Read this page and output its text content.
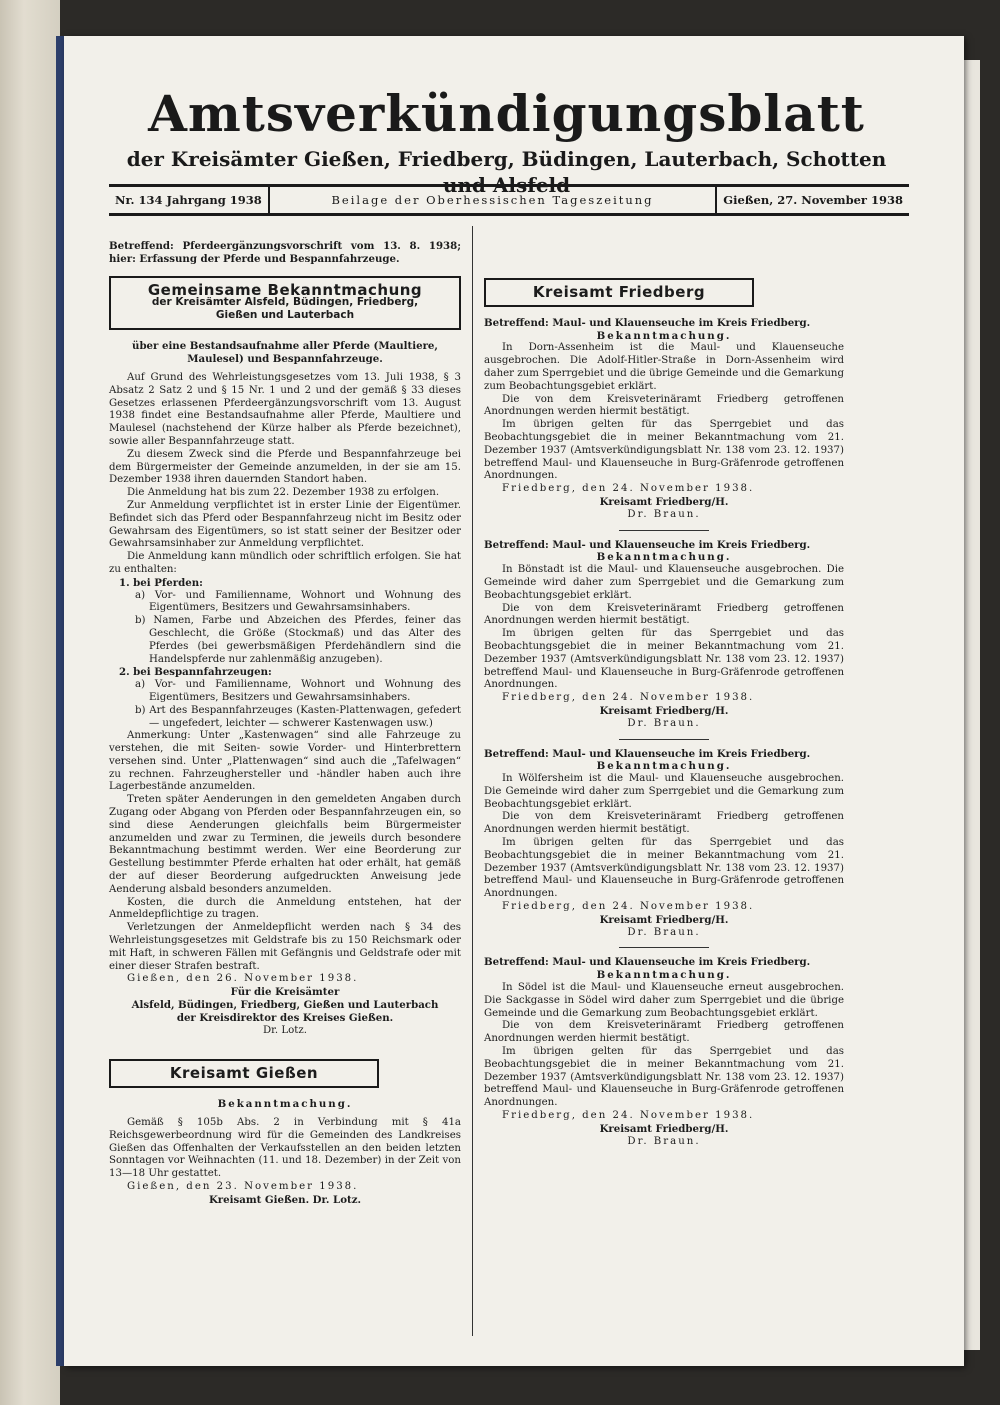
Amtsverkündigungsblatt
der Kreisämter Gießen, Friedberg, Büdingen, Lauterbach, Schotten und Alsfeld
Nr. 134 Jahrgang 1938	Beilage der Oberhessischen Tageszeitung	Gießen, 27. November 1938

Betreffend: Pferdeergänzungsvorschrift vom 13. 8. 1938; hier: Erfassung der Pferde und Bespannfahrzeuge.

Gemeinsame Bekanntmachung
der Kreisämter Alsfeld, Büdingen, Friedberg,
Gießen und Lauterbach

über eine Bestandsaufnahme aller Pferde (Maultiere, Maulesel) und Bespannfahrzeuge.

Auf Grund des Wehrleistungsgesetzes vom 13. Juli 1938, § 3 Absatz 2 Satz 2 und § 15 Nr. 1 und 2 und der gemäß § 33 dieses Gesetzes erlassenen Pferdeergänzungsvorschrift vom 13. August 1938 findet eine Bestandsaufnahme aller Pferde, Maultiere und Maulesel (nachstehend der Kürze halber als Pferde bezeichnet), sowie aller Bespannfahrzeuge statt.

Zu diesem Zweck sind die Pferde und Bespannfahrzeuge bei dem Bürgermeister der Gemeinde anzumelden, in der sie am 15. Dezember 1938 ihren dauernden Standort haben.

Die Anmeldung hat bis zum 22. Dezember 1938 zu erfolgen.

Zur Anmeldung verpflichtet ist in erster Linie der Eigentümer. Befindet sich das Pferd oder Bespannfahrzeug nicht im Besitz oder Gewahrsam des Eigentümers, so ist statt seiner der Besitzer oder Gewahrsamsinhaber zur Anmeldung verpflichtet.

Die Anmeldung kann mündlich oder schriftlich erfolgen. Sie hat zu enthalten:

1. bei Pferden:

a) Vor- und Familienname, Wohnort und Wohnung des Eigentümers, Besitzers und Gewahrsamsinhabers.

b) Namen, Farbe und Abzeichen des Pferdes, feiner das Geschlecht, die Größe (Stockmaß) und das Alter des Pferdes (bei gewerbsmäßigen Pferdehändlern sind die Handelspferde nur zahlenmäßig anzugeben).

2. bei Bespannfahrzeugen:

a) Vor- und Familienname, Wohnort und Wohnung des Eigentümers, Besitzers und Gewahrsamsinhabers.

b) Art des Bespannfahrzeuges (Kasten-Plattenwagen, gefedert — ungefedert, leichter — schwerer Kastenwagen usw.)

Anmerkung: Unter „Kastenwagen“ sind alle Fahrzeuge zu verstehen, die mit Seiten- sowie Vorder- und Hinterbrettern versehen sind. Unter „Plattenwagen“ sind auch die „Tafelwagen“ zu rechnen. Fahrzeughersteller und -händler haben auch ihre Lagerbestände anzumelden.

Treten später Aenderungen in den gemeldeten Angaben durch Zugang oder Abgang von Pferden oder Bespannfahrzeugen ein, so sind diese Aenderungen gleichfalls beim Bürgermeister anzumelden und zwar zu Terminen, die jeweils durch besondere Bekanntmachung bestimmt werden. Wer eine Beorderung zur Gestellung bestimmter Pferde erhalten hat oder erhält, hat gemäß der auf dieser Beorderung aufgedruckten Anweisung jede Aenderung alsbald besonders anzumelden.

Kosten, die durch die Anmeldung entstehen, hat der Anmeldepflichtige zu tragen.

Verletzungen der Anmeldepflicht werden nach § 34 des Wehrleistungsgesetzes mit Geldstrafe bis zu 150 Reichsmark oder mit Haft, in schweren Fällen mit Gefängnis und Geldstrafe oder mit einer dieser Strafen bestraft.

Gießen, den 26. November 1938.

Für die Kreisämter

Alsfeld, Büdingen, Friedberg, Gießen und Lauterbach

der Kreisdirektor des Kreises Gießen.

Dr. Lotz.

Kreisamt Gießen

Bekanntmachung.

Gemäß § 105b Abs. 2 in Verbindung mit § 41a Reichsgewerbeordnung wird für die Gemeinden des Landkreises Gießen das Offenhalten der Verkaufsstellen an den beiden letzten Sonntagen vor Weihnachten (11. und 18. Dezember) in der Zeit von 13—18 Uhr gestattet.

Gießen, den 23. November 1938.

Kreisamt Gießen. Dr. Lotz.

Kreisamt Friedberg

Betreffend: Maul- und Klauenseuche im Kreis Friedberg.

Bekanntmachung.

In Dorn-Assenheim ist die Maul- und Klauenseuche ausgebrochen. Die Adolf-Hitler-Straße in Dorn-Assenheim wird daher zum Sperrgebiet und die übrige Gemeinde und die Gemarkung zum Beobachtungsgebiet erklärt.

Die von dem Kreisveterinäramt Friedberg getroffenen Anordnungen werden hiermit bestätigt.

Im übrigen gelten für das Sperrgebiet und das Beobachtungsgebiet die in meiner Bekanntmachung vom 21. Dezember 1937 (Amtsverkündigungsblatt Nr. 138 vom 23. 12. 1937) betreffend Maul- und Klauenseuche in Burg-Gräfenrode getroffenen Anordnungen.

Friedberg, den 24. November 1938.

Kreisamt Friedberg/H.

Dr. Braun.

Betreffend: Maul- und Klauenseuche im Kreis Friedberg.

Bekanntmachung.

In Bönstadt ist die Maul- und Klauenseuche ausgebrochen. Die Gemeinde wird daher zum Sperrgebiet und die Gemarkung zum Beobachtungsgebiet erklärt.

Die von dem Kreisveterinäramt Friedberg getroffenen Anordnungen werden hiermit bestätigt.

Im übrigen gelten für das Sperrgebiet und das Beobachtungsgebiet die in meiner Bekanntmachung vom 21. Dezember 1937 (Amtsverkündigungsblatt Nr. 138 vom 23. 12. 1937) betreffend Maul- und Klauenseuche in Burg-Gräfenrode getroffenen Anordnungen.

Friedberg, den 24. November 1938.

Kreisamt Friedberg/H.

Dr. Braun.

Betreffend: Maul- und Klauenseuche im Kreis Friedberg.

Bekanntmachung.

In Wölfersheim ist die Maul- und Klauenseuche ausgebrochen. Die Gemeinde wird daher zum Sperrgebiet und die Gemarkung zum Beobachtungsgebiet erklärt.

Die von dem Kreisveterinäramt Friedberg getroffenen Anordnungen werden hiermit bestätigt.

Im übrigen gelten für das Sperrgebiet und das Beobachtungsgebiet die in meiner Bekanntmachung vom 21. Dezember 1937 (Amtsverkündigungsblatt Nr. 138 vom 23. 12. 1937) betreffend Maul- und Klauenseuche in Burg-Gräfenrode getroffenen Anordnungen.

Friedberg, den 24. November 1938.

Kreisamt Friedberg/H.

Dr. Braun.

Betreffend: Maul- und Klauenseuche im Kreis Friedberg.

Bekanntmachung.

In Södel ist die Maul- und Klauenseuche erneut ausgebrochen. Die Sackgasse in Södel wird daher zum Sperrgebiet und die übrige Gemeinde und die Gemarkung zum Beobachtungsgebiet erklärt.

Die von dem Kreisveterinäramt Friedberg getroffenen Anordnungen werden hiermit bestätigt.

Im übrigen gelten für das Sperrgebiet und das Beobachtungsgebiet die in meiner Bekanntmachung vom 21. Dezember 1937 (Amtsverkündigungsblatt Nr. 138 vom 23. 12. 1937) betreffend Maul- und Klauenseuche in Burg-Gräfenrode getroffenen Anordnungen.

Friedberg, den 24. November 1938.

Kreisamt Friedberg/H.

Dr. Braun.
